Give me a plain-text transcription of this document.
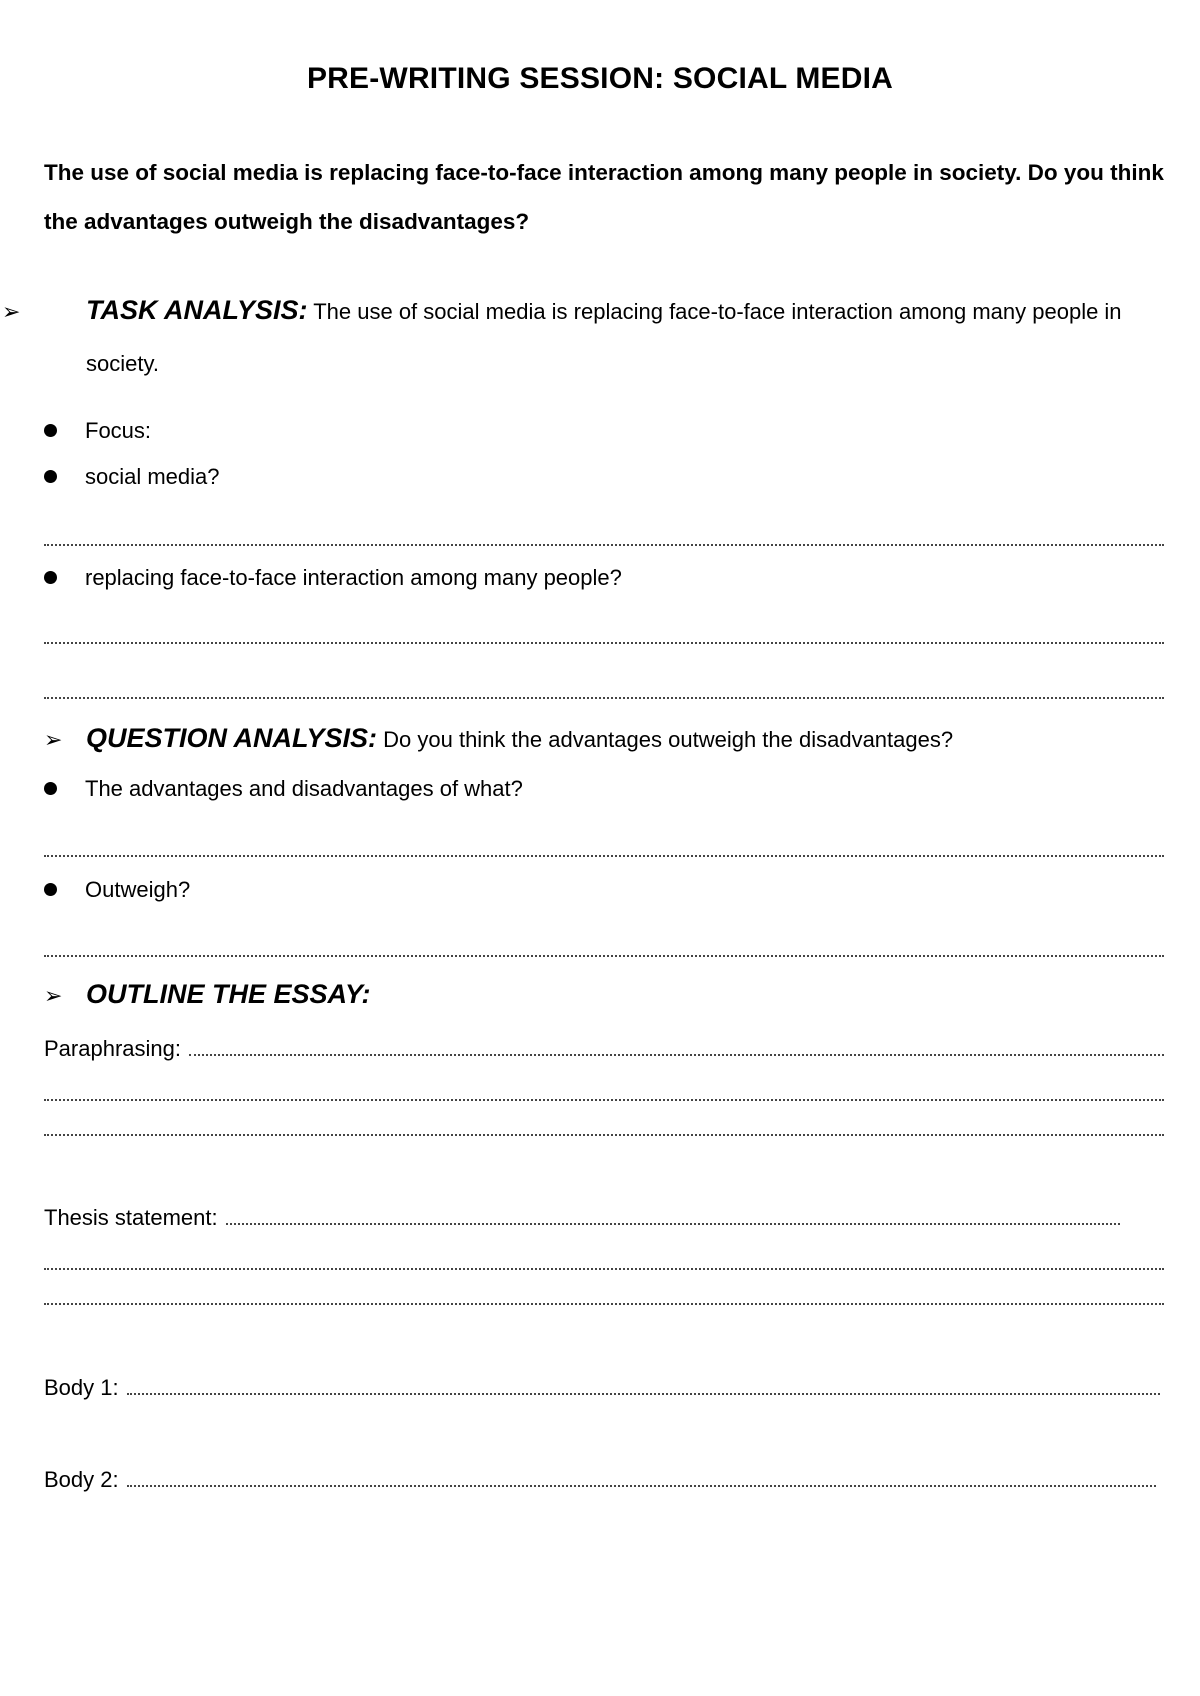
PRE-WRITING SESSION: SOCIAL MEDIA
The use of social media is replacing face-to-face interaction among many people in society. Do you think the advantages outweigh the disadvantages?
➢ TASK ANALYSIS: The use of social media is replacing face-to-face interaction among many people in society.
Focus:
social media?
replacing face-to-face interaction among many people?
➢ QUESTION ANALYSIS: Do you think the advantages outweigh the disadvantages?
The advantages and disadvantages of what?
Outweigh?
➢ OUTLINE THE ESSAY:
Paraphrasing:
Thesis statement:
Body 1:
Body 2:
